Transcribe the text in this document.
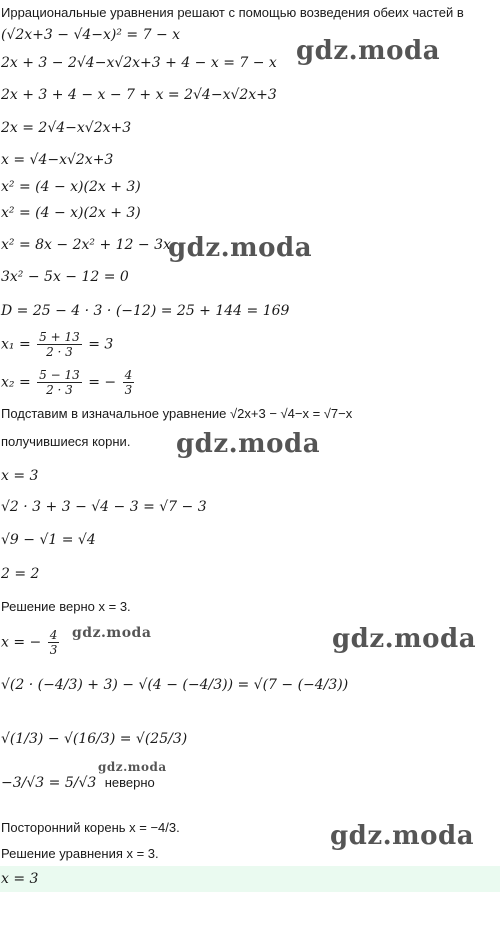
Иррациональные уравнения решают с помощью возведения обеих частей в
(√2x+3 − √4−x)² = 7 − x
2x + 3 − 2√4−x√2x+3 + 4 − x = 7 − x
2x + 3 + 4 − x − 7 + x = 2√4−x√2x+3
2x = 2√4−x√2x+3
x = √4−x√2x+3
x² = (4 − x)(2x + 3)
x² = (4 − x)(2x + 3)
x² = 8x − 2x² + 12 − 3x
3x² − 5x − 12 = 0
D = 25 − 4 · 3 · (−12) = 25 + 144 = 169
$x_1 = \frac{5 + 13}{2 \cdot 3} = 3$
$x_2 = \frac{5 - 13}{2 \cdot 3}$ = − $\frac{4}{3}$
Подставим в изначальное уравнение √2x+3 − √4−x = √7−x
получившиеся корни.
x = 3
√2 · 3 + 3 − √4 − 3 = √7 − 3
√9 − √1 = √4
2 = 2
Решение верно x = 3.
x = − $\frac{4}{3}$
√(2 · (−4/3) + 3) − √(4 − (−4/3)) = √(7 − (−4/3))
√(1/3) − √(16/3) = √(25/3)
−3/√3 = 5/√3 неверно
Посторонний корень x = −4/3.
Решение уравнения x = 3.
x = 3
gdz.moda
gdz.moda
gdz.moda
gdz.moda	gdz.moda
gdz.moda
gdz.moda
